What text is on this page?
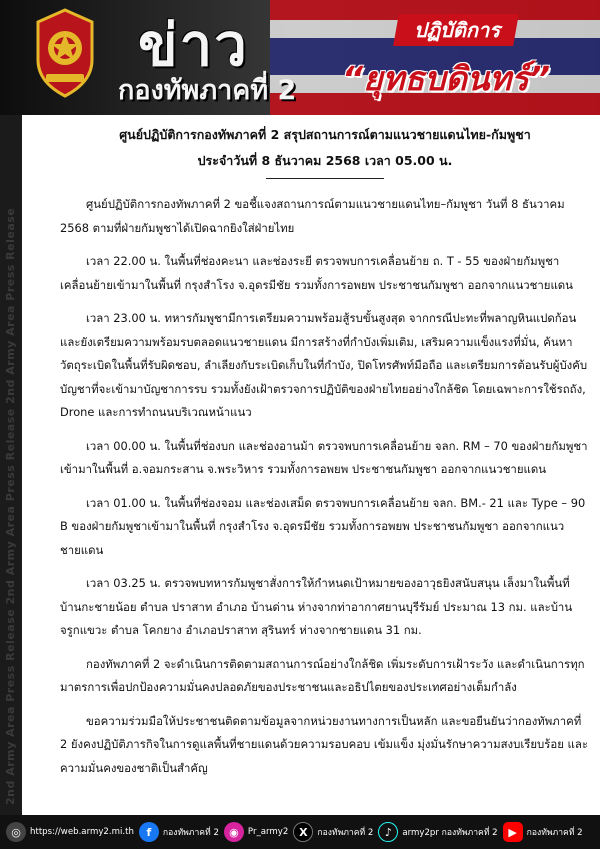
ข่าว
กองทัพภาคที่ 2
ปฏิบัติการ
“ยุทธบดินทร์”
2nd Army Area Press Release 2nd Army Area Press Release 2nd Army Area Press Release
ศูนย์ปฏิบัติการกองทัพภาคที่ 2 สรุปสถานการณ์ตามแนวชายแดนไทย-กัมพูชา
ประจำวันที่ 8 ธันวาคม 2568 เวลา 05.00 น.

ศูนย์ปฏิบัติการกองทัพภาคที่ 2 ขอชี้แจงสถานการณ์ตามแนวชายแดนไทย–กัมพูชา วันที่ 8 ธันวาคม 2568 ตามที่ฝ่ายกัมพูชาได้เปิดฉากยิงใส่ฝ่ายไทย

เวลา 22.00 น. ในพื้นที่ช่องคะนา และช่องระยี ตรวจพบการเคลื่อนย้าย ถ. T - 55 ของฝ่ายกัมพูชา เคลื่อนย้ายเข้ามาในพื้นที่ กรุงสำโรง จ.อุดรมีชัย รวมทั้งการอพยพ ประชาชนกัมพูชา ออกจากแนวชายแดน

เวลา 23.00 น. ทหารกัมพูชามีการเตรียมความพร้อมสู้รบขั้นสูงสุด จากกรณีปะทะที่พลาญหินแปดก้อน และยังเตรียมความพร้อมรบตลอดแนวชายแดน มีการสร้างที่กำบังเพิ่มเติม, เสริมความแข็งแรงที่มั่น, ค้นหาวัตถุระเบิดในพื้นที่รับผิดชอบ, ลำเลียงกับระเบิดเก็บในที่กำบัง, ปิดโทรศัพท์มือถือ และเตรียมการต้อนรับผู้บังคับบัญชาที่จะเข้ามาบัญชาการรบ รวมทั้งยังเฝ้าตรวจการปฏิบัติของฝ่ายไทยอย่างใกล้ชิด โดยเฉพาะการใช้รถถัง, Drone และการทำถนนบริเวณหน้าแนว

เวลา 00.00 น. ในพื้นที่ช่องบก และช่องอานม้า ตรวจพบการเคลื่อนย้าย จลก. RM – 70 ของฝ่ายกัมพูชา เข้ามาในพื้นที่ อ.จอมกระสาน จ.พระวิหาร รวมทั้งการอพยพ ประชาชนกัมพูชา ออกจากแนวชายแดน

เวลา 01.00 น. ในพื้นที่ช่องจอม และช่องเสม็ด ตรวจพบการเคลื่อนย้าย จลก. BM.- 21 และ Type – 90 B ของฝ่ายกัมพูชาเข้ามาในพื้นที่ กรุงสำโรง จ.อุดรมีชัย รวมทั้งการอพยพ ประชาชนกัมพูชา ออกจากแนวชายแดน

เวลา 03.25 น. ตรวจพบทหารกัมพูชาสั่งการให้กำหนดเป้าหมายของอาวุธยิงสนับสนุน เล็งมาในพื้นที่บ้านกะชายน้อย ตำบล ปราสาท อำเภอ บ้านด่าน ห่างจากท่าอากาศยานบุรีรัมย์ ประมาณ 13 กม. และบ้านจรูกแขวะ ตำบล โคกยาง อำเภอปราสาท สุรินทร์ ห่างจากชายแดน 31 กม.

กองทัพภาคที่ 2 จะดำเนินการติดตามสถานการณ์อย่างใกล้ชิด เพิ่มระดับการเฝ้าระวัง และดำเนินการทุกมาตรการเพื่อปกป้องความมั่นคงปลอดภัยของประชาชนและอธิปไตยของประเทศอย่างเต็มกำลัง

ขอความร่วมมือให้ประชาชนติดตามข้อมูลจากหน่วยงานทางการเป็นหลัก และขอยืนยันว่ากองทัพภาคที่ 2 ยังคงปฏิบัติภารกิจในการดูแลพื้นที่ชายแดนด้วยความรอบคอบ เข้มแข็ง มุ่งมั่นรักษาความสงบเรียบร้อย และความมั่นคงของชาติเป็นสำคัญ

◎	https://web.army2.mi.th	f	กองทัพภาคที่ 2 ◉	Pr_army2 X	กองทัพภาคที่ 2	♪	army2pr กองทัพภาคที่ 2 ▶	กองทัพภาคที่ 2
